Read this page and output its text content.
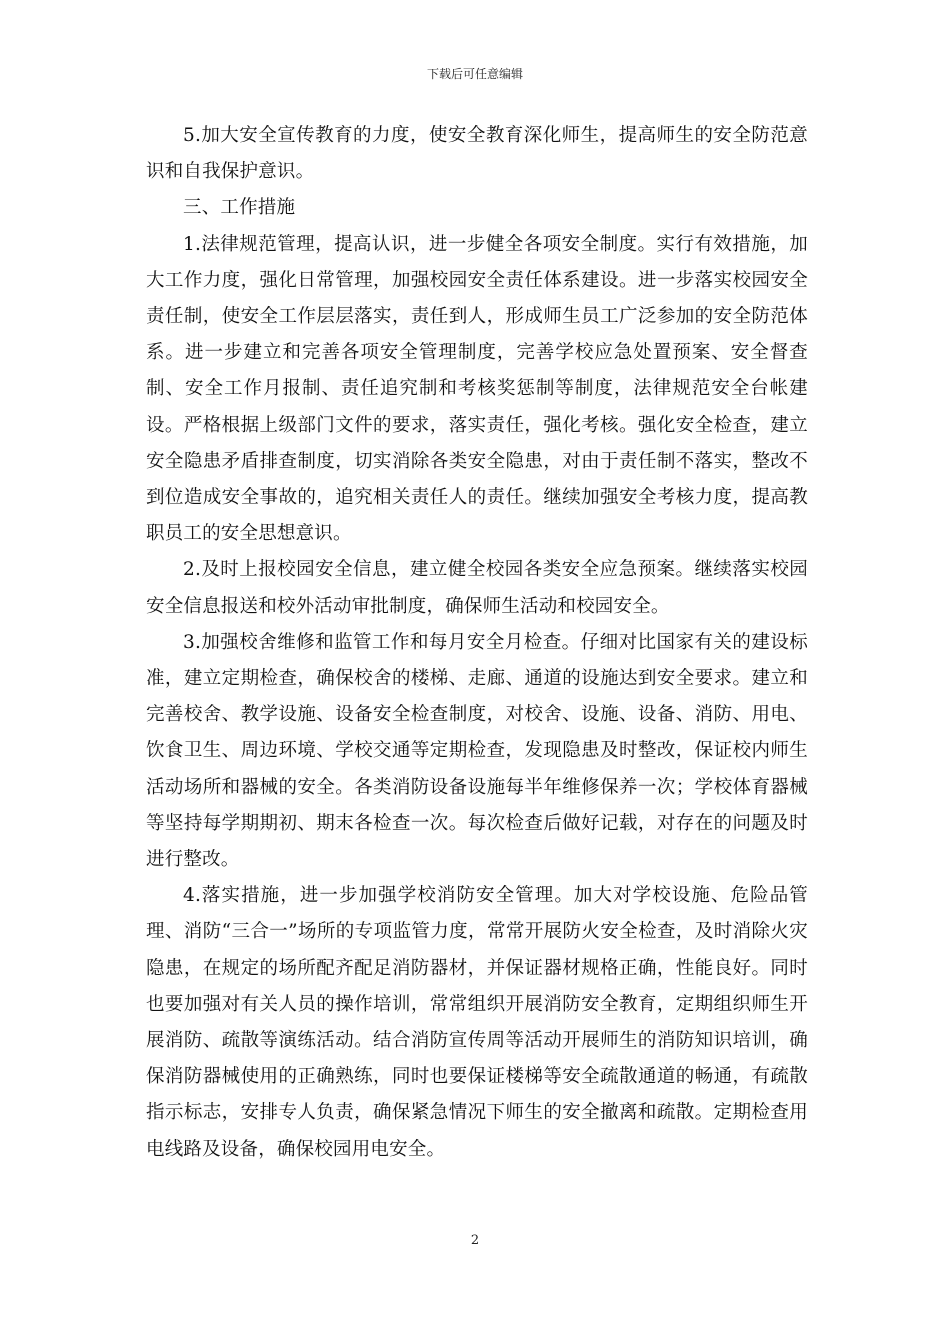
下载后可任意编辑

5.加大安全宣传教育的力度，使安全教育深化师生，提高师生的安全防范意识和自我保护意识。

三、工作措施

1.法律规范管理，提高认识，进一步健全各项安全制度。实行有效措施，加大工作力度，强化日常管理，加强校园安全责任体系建设。进一步落实校园安全责任制，使安全工作层层落实，责任到人，形成师生员工广泛参加的安全防范体系。进一步建立和完善各项安全管理制度，完善学校应急处置预案、安全督查制、安全工作月报制、责任追究制和考核奖惩制等制度，法律规范安全台帐建设。严格根据上级部门文件的要求，落实责任，强化考核。强化安全检查，建立安全隐患矛盾排查制度，切实消除各类安全隐患，对由于责任制不落实，整改不到位造成安全事故的，追究相关责任人的责任。继续加强安全考核力度，提高教职员工的安全思想意识。

2.及时上报校园安全信息，建立健全校园各类安全应急预案。继续落实校园安全信息报送和校外活动审批制度，确保师生活动和校园安全。

3.加强校舍维修和监管工作和每月安全月检查。仔细对比国家有关的建设标准，建立定期检查，确保校舍的楼梯、走廊、通道的设施达到安全要求。建立和完善校舍、教学设施、设备安全检查制度，对校舍、设施、设备、消防、用电、饮食卫生、周边环境、学校交通等定期检查，发现隐患及时整改，保证校内师生活动场所和器械的安全。各类消防设备设施每半年维修保养一次；学校体育器械等坚持每学期期初、期末各检查一次。每次检查后做好记载，对存在的问题及时进行整改。

4.落实措施，进一步加强学校消防安全管理。加大对学校设施、危险品管理、消防“三合一”场所的专项监管力度，常常开展防火安全检查，及时消除火灾隐患，在规定的场所配齐配足消防器材，并保证器材规格正确，性能良好。同时也要加强对有关人员的操作培训，常常组织开展消防安全教育，定期组织师生开展消防、疏散等演练活动。结合消防宣传周等活动开展师生的消防知识培训，确保消防器械使用的正确熟练，同时也要保证楼梯等安全疏散通道的畅通，有疏散指示标志，安排专人负责，确保紧急情况下师生的安全撤离和疏散。定期检查用电线路及设备，确保校园用电安全。

2
